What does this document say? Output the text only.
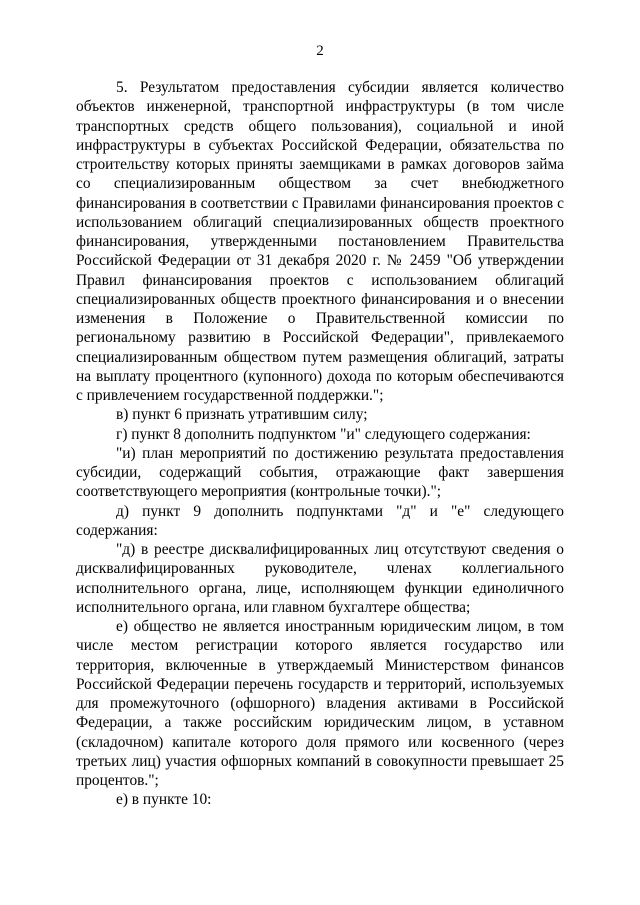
2

5. Результатом предоставления субсидии является количество объектов инженерной, транспортной инфраструктуры (в том числе транспортных средств общего пользования), социальной и иной инфраструктуры в субъектах Российской Федерации, обязательства по строительству которых приняты заемщиками в рамках договоров займа со специализированным обществом за счет внебюджетного финансирования в соответствии с Правилами финансирования проектов с использованием облигаций специализированных обществ проектного финансирования, утвержденными постановлением Правительства Российской Федерации от 31 декабря 2020 г. № 2459 "Об утверждении Правил финансирования проектов с использованием облигаций специализированных обществ проектного финансирования и о внесении изменения в Положение о Правительственной комиссии по региональному развитию в Российской Федерации", привлекаемого специализированным обществом путем размещения облигаций, затраты на выплату процентного (купонного) дохода по которым обеспечиваются с привлечением государственной поддержки.";

в) пункт 6 признать утратившим силу;

г) пункт 8 дополнить подпунктом "и" следующего содержания:

"и) план мероприятий по достижению результата предоставления субсидии, содержащий события, отражающие факт завершения соответствующего мероприятия (контрольные точки).";

д) пункт 9 дополнить подпунктами "д" и "е" следующего содержания:

"д) в реестре дисквалифицированных лиц отсутствуют сведения о дисквалифицированных руководителе, членах коллегиального исполнительного органа, лице, исполняющем функции единоличного исполнительного органа, или главном бухгалтере общества;

е) общество не является иностранным юридическим лицом, в том числе местом регистрации которого является государство или территория, включенные в утверждаемый Министерством финансов Российской Федерации перечень государств и территорий, используемых для промежуточного (офшорного) владения активами в Российской Федерации, а также российским юридическим лицом, в уставном (складочном) капитале которого доля прямого или косвенного (через третьих лиц) участия офшорных компаний в совокупности превышает 25 процентов.";

е) в пункте 10:
